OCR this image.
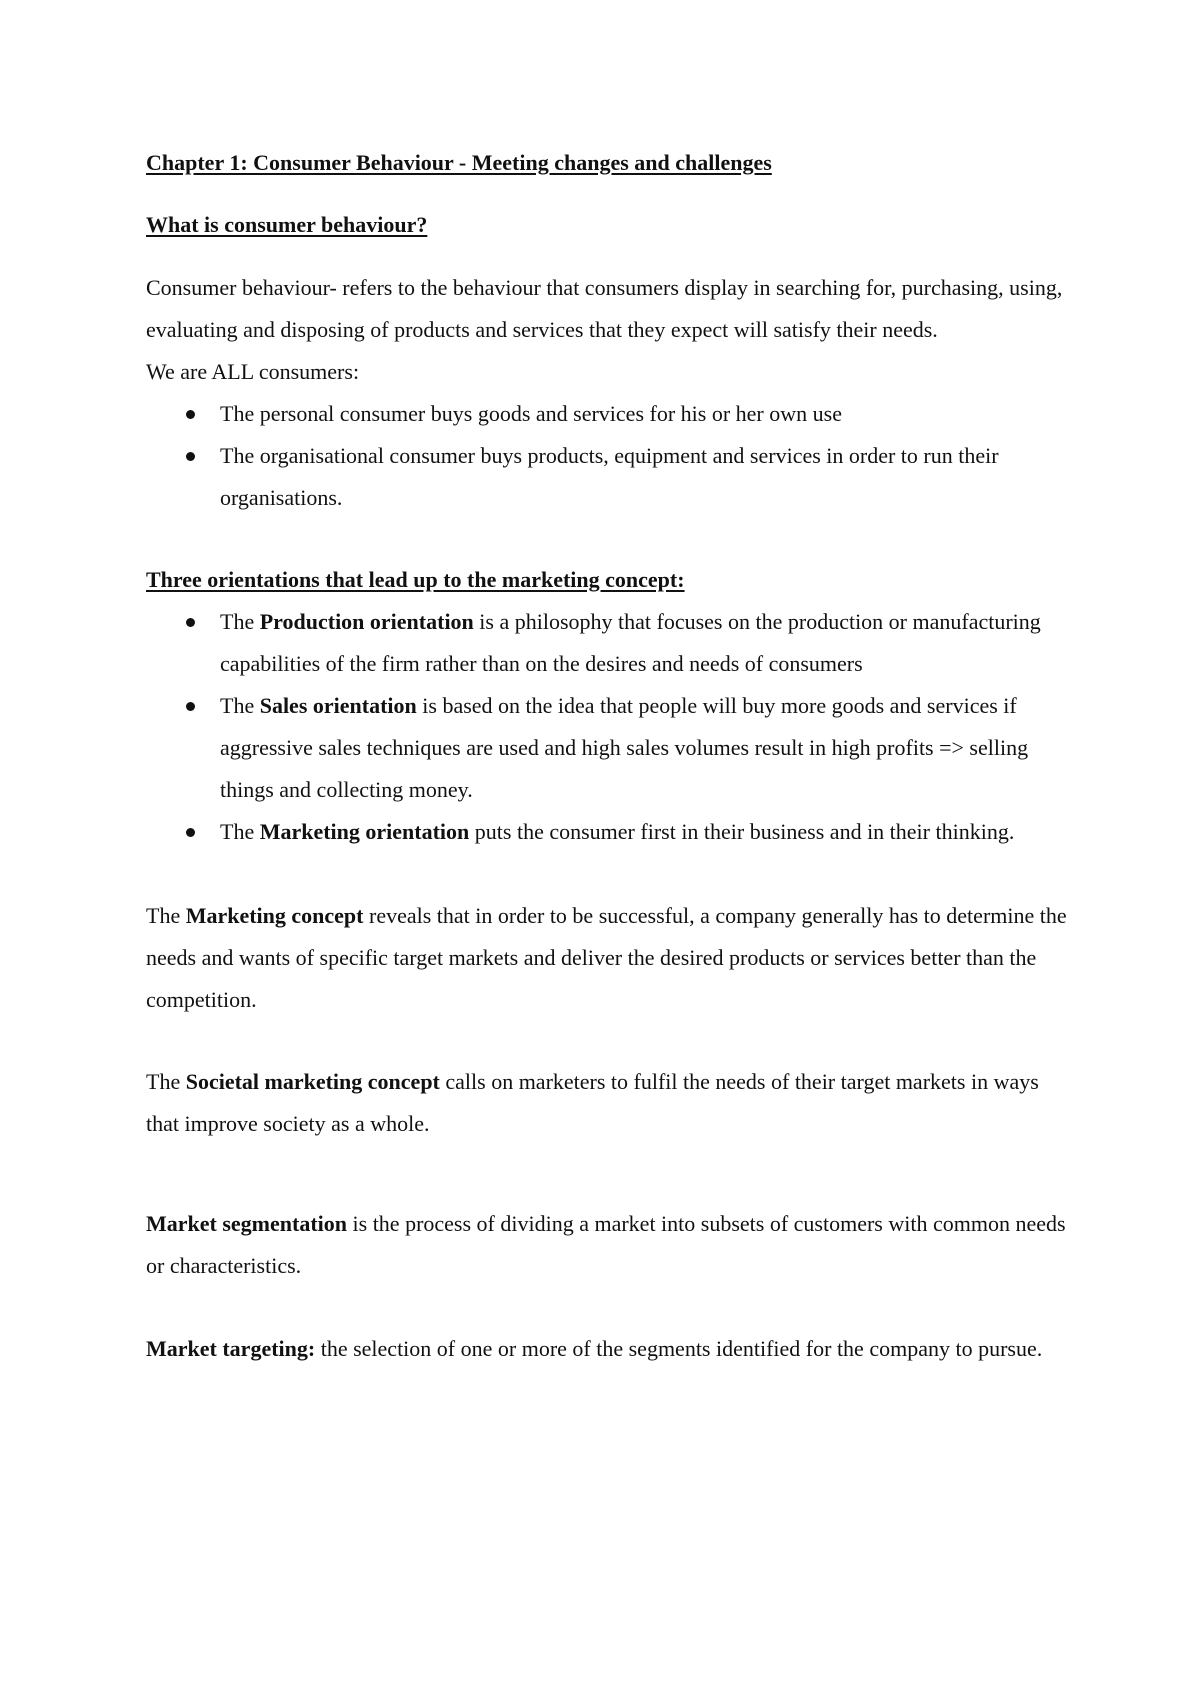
Chapter 1: Consumer Behaviour - Meeting changes and challenges

What is consumer behaviour?

Consumer behaviour- refers to the behaviour that consumers display in searching for, purchasing, using, evaluating and disposing of products and services that they expect will satisfy their needs.

We are ALL consumers:

The personal consumer buys goods and services for his or her own use
The organisational consumer buys products, equipment and services in order to run their organisations.

Three orientations that lead up to the marketing concept:

The Production orientation is a philosophy that focuses on the production or manufacturing capabilities of the firm rather than on the desires and needs of consumers
The Sales orientation is based on the idea that people will buy more goods and services if aggressive sales techniques are used and high sales volumes result in high profits => selling things and collecting money.
The Marketing orientation puts the consumer first in their business and in their thinking.

The Marketing concept reveals that in order to be successful, a company generally has to determine the needs and wants of specific target markets and deliver the desired products or services better than the competition.

The Societal marketing concept calls on marketers to fulfil the needs of their target markets in ways that improve society as a whole.

Market segmentation is the process of dividing a market into subsets of customers with common needs or characteristics.

Market targeting: the selection of one or more of the segments identified for the company to pursue.
